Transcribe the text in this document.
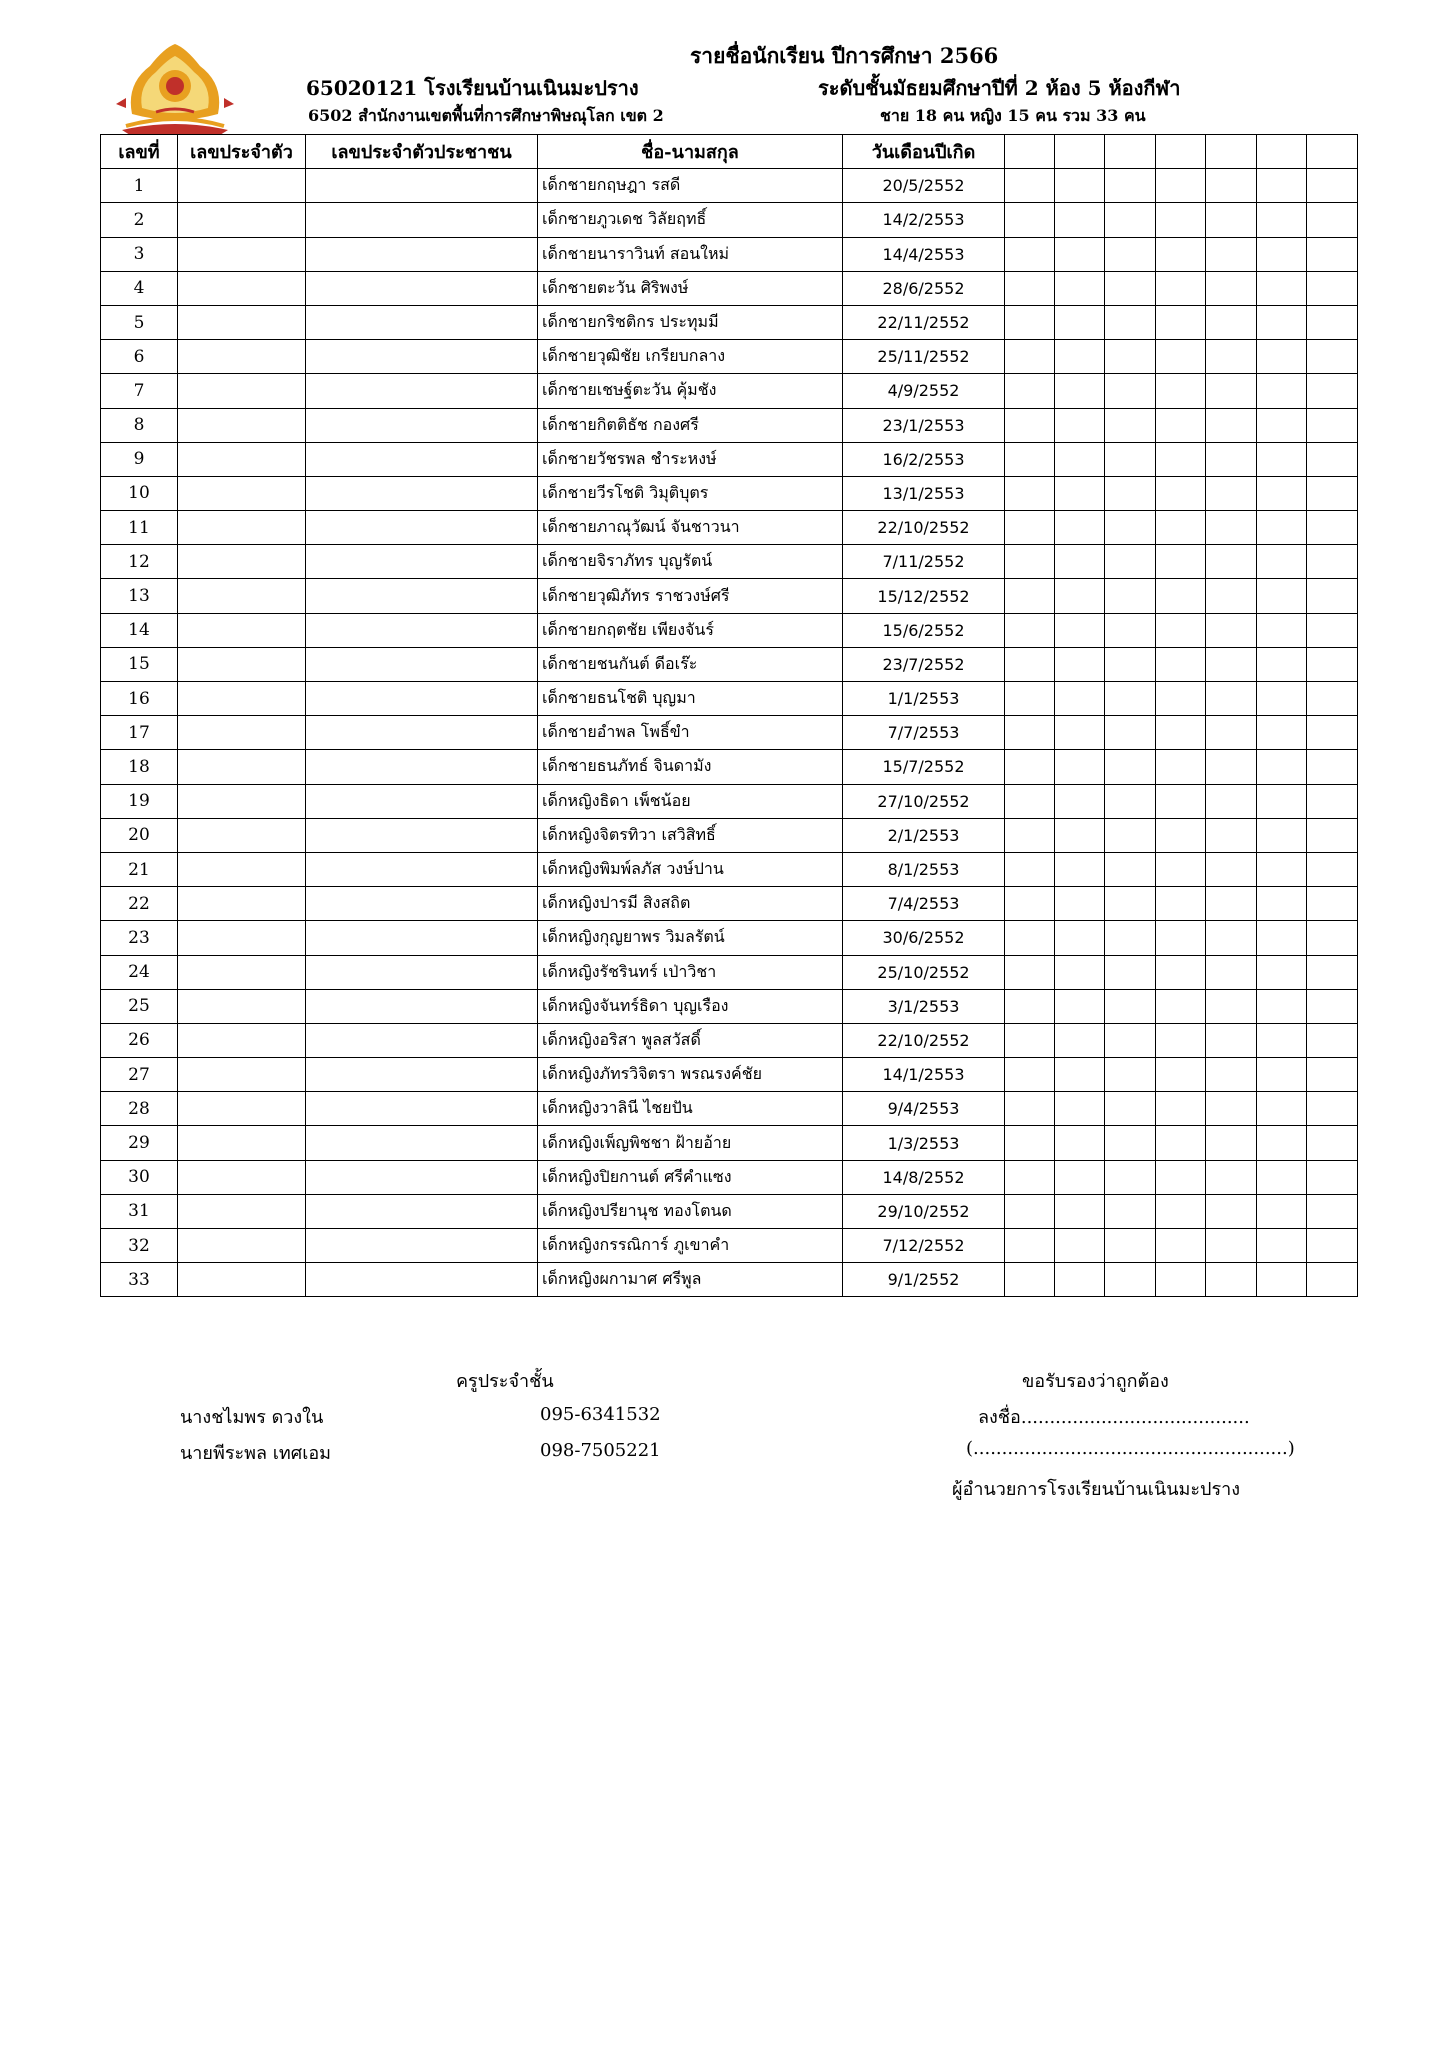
รายชื่อนักเรียน ปีการศึกษา 2566
65020121 โรงเรียนบ้านเนินมะปราง	ระดับชั้นมัธยมศึกษาปีที่ 2 ห้อง 5 ห้องกีฬา
6502 สำนักงานเขตพื้นที่การศึกษาพิษณุโลก เขต 2	ชาย 18 คน หญิง 15 คน รวม 33 คน
เลขที่	เลขประจำตัว	เลขประจำตัวประชาชน	ชื่อ-นามสกุล	วันเดือนปีเกิด							
1			เด็กชายกฤษฎา รสดี	20/5/2552							
2			เด็กชายภูวเดช วิลัยฤทธิ์	14/2/2553							
3			เด็กชายนาราวินท์ สอนใหม่	14/4/2553							
4			เด็กชายตะวัน ศิริพงษ์	28/6/2552							
5			เด็กชายกริชติกร ประทุมมี	22/11/2552							
6			เด็กชายวุฒิชัย เกรียบกลาง	25/11/2552							
7			เด็กชายเชษฐ์ตะวัน คุ้มชัง	4/9/2552							
8			เด็กชายกิตติธัช กองศรี	23/1/2553							
9			เด็กชายวัชรพล ชำระหงษ์	16/2/2553							
10			เด็กชายวีรโชติ วิมุติบุตร	13/1/2553							
11			เด็กชายภาณุวัฒน์ จันชาวนา	22/10/2552							
12			เด็กชายจิราภัทร บุญรัตน์	7/11/2552							
13			เด็กชายวุฒิภัทร ราชวงษ์ศรี	15/12/2552							
14			เด็กชายกฤตชัย เพียงจันร์	15/6/2552							
15			เด็กชายชนกันต์ ดีอเร๊ะ	23/7/2552							
16			เด็กชายธนโชติ บุญมา	1/1/2553							
17			เด็กชายอำพล โพธิ์ขำ	7/7/2553							
18			เด็กชายธนภัทธ์ จินดามัง	15/7/2552							
19			เด็กหญิงธิดา เพ็ชน้อย	27/10/2552							
20			เด็กหญิงจิตรทิวา เสวิสิทธิ์	2/1/2553							
21			เด็กหญิงพิมพ์ลภัส วงษ์ปาน	8/1/2553							
22			เด็กหญิงปารมี สิงสถิต	7/4/2553							
23			เด็กหญิงกุญยาพร วิมลรัตน์	30/6/2552							
24			เด็กหญิงรัชรินทร์ เป่าวิชา	25/10/2552							
25			เด็กหญิงจันทร์ธิดา บุญเรือง	3/1/2553							
26			เด็กหญิงอริสา พูลสวัสดิ์	22/10/2552							
27			เด็กหญิงภัทรวิจิตรา พรณรงค์ชัย	14/1/2553							
28			เด็กหญิงวาลินี ไชยปัน	9/4/2553							
29			เด็กหญิงเพ็ญพิชชา ฝ้ายอ้าย	1/3/2553							
30			เด็กหญิงปิยกานต์ ศรีคำแซง	14/8/2552							
31			เด็กหญิงปรียานุช ทองโตนด	29/10/2552							
32			เด็กหญิงกรรณิการ์ ภูเขาคำ	7/12/2552							
33			เด็กหญิงผกามาศ ศรีพูล	9/1/2552							
ครูประจำชั้น	ขอรับรองว่าถูกต้อง
นางชไมพร ดวงใน	095-6341532	ลงชื่อ........................................
นายพีระพล เทศเอม	098-7505221	(.......................................................)
ผู้อำนวยการโรงเรียนบ้านเนินมะปราง
